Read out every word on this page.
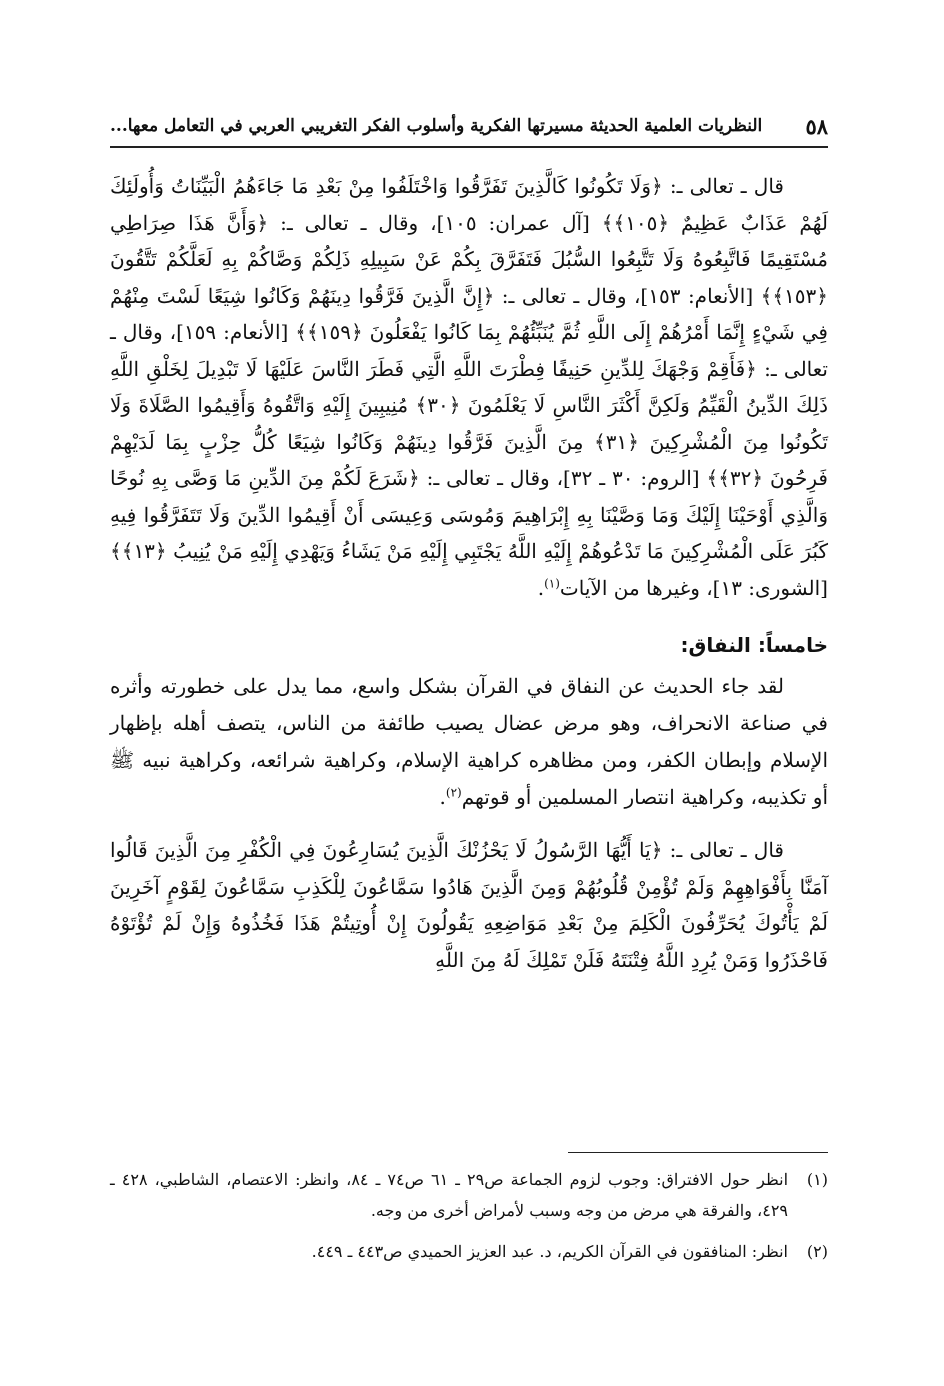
٥٨
النظريات العلمية الحديثة مسيرتها الفكرية وأسلوب الفكر التغريبي العربي في التعامل معها...

قال ـ تعالى ـ: ﴿وَلَا تَكُونُوا كَالَّذِينَ تَفَرَّقُوا وَاخْتَلَفُوا مِنْ بَعْدِ مَا جَاءَهُمُ الْبَيِّنَاتُ وَأُولَئِكَ لَهُمْ عَذَابٌ عَظِيمٌ ﴿١٠٥﴾﴾ [آل عمران: ١٠٥]، وقال ـ تعالى ـ: ﴿وَأَنَّ هَذَا صِرَاطِي مُسْتَقِيمًا فَاتَّبِعُوهُ وَلَا تَتَّبِعُوا السُّبُلَ فَتَفَرَّقَ بِكُمْ عَنْ سَبِيلِهِ ذَلِكُمْ وَصَّاكُمْ بِهِ لَعَلَّكُمْ تَتَّقُونَ ﴿١٥٣﴾﴾ [الأنعام: ١٥٣]، وقال ـ تعالى ـ: ﴿إِنَّ الَّذِينَ فَرَّقُوا دِينَهُمْ وَكَانُوا شِيَعًا لَسْتَ مِنْهُمْ فِي شَيْءٍ إِنَّمَا أَمْرُهُمْ إِلَى اللَّهِ ثُمَّ يُنَبِّئُهُمْ بِمَا كَانُوا يَفْعَلُونَ ﴿١٥٩﴾﴾ [الأنعام: ١٥٩]، وقال ـ تعالى ـ: ﴿فَأَقِمْ وَجْهَكَ لِلدِّينِ حَنِيفًا فِطْرَتَ اللَّهِ الَّتِي فَطَرَ النَّاسَ عَلَيْهَا لَا تَبْدِيلَ لِخَلْقِ اللَّهِ ذَلِكَ الدِّينُ الْقَيِّمُ وَلَكِنَّ أَكْثَرَ النَّاسِ لَا يَعْلَمُونَ ﴿٣٠﴾ مُنِيبِينَ إِلَيْهِ وَاتَّقُوهُ وَأَقِيمُوا الصَّلَاةَ وَلَا تَكُونُوا مِنَ الْمُشْرِكِينَ ﴿٣١﴾ مِنَ الَّذِينَ فَرَّقُوا دِينَهُمْ وَكَانُوا شِيَعًا كُلُّ حِزْبٍ بِمَا لَدَيْهِمْ فَرِحُونَ ﴿٣٢﴾﴾ [الروم: ٣٠ ـ ٣٢]، وقال ـ تعالى ـ: ﴿شَرَعَ لَكُمْ مِنَ الدِّينِ مَا وَصَّى بِهِ نُوحًا وَالَّذِي أَوْحَيْنَا إِلَيْكَ وَمَا وَصَّيْنَا بِهِ إِبْرَاهِيمَ وَمُوسَى وَعِيسَى أَنْ أَقِيمُوا الدِّينَ وَلَا تَتَفَرَّقُوا فِيهِ كَبُرَ عَلَى الْمُشْرِكِينَ مَا تَدْعُوهُمْ إِلَيْهِ اللَّهُ يَجْتَبِي إِلَيْهِ مَنْ يَشَاءُ وَيَهْدِي إِلَيْهِ مَنْ يُنِيبُ ﴿١٣﴾﴾ [الشورى: ١٣]، وغيرها من الآيات$^{(١)}$.

خامساً: النفاق:

لقد جاء الحديث عن النفاق في القرآن بشكل واسع، مما يدل على خطورته وأثره في صناعة الانحراف، وهو مرض عضال يصيب طائفة من الناس، يتصف أهله بإظهار الإسلام وإبطان الكفر، ومن مظاهره كراهية الإسلام، وكراهية شرائعه، وكراهية نبيه ﷺ أو تكذيبه، وكراهية انتصار المسلمين أو قوتهم$^{(٢)}$.

قال ـ تعالى ـ: ﴿يَا أَيُّهَا الرَّسُولُ لَا يَحْزُنْكَ الَّذِينَ يُسَارِعُونَ فِي الْكُفْرِ مِنَ الَّذِينَ قَالُوا آمَنَّا بِأَفْوَاهِهِمْ وَلَمْ تُؤْمِنْ قُلُوبُهُمْ وَمِنَ الَّذِينَ هَادُوا سَمَّاعُونَ لِلْكَذِبِ سَمَّاعُونَ لِقَوْمٍ آخَرِينَ لَمْ يَأْتُوكَ يُحَرِّفُونَ الْكَلِمَ مِنْ بَعْدِ مَوَاضِعِهِ يَقُولُونَ إِنْ أُوتِيتُمْ هَذَا فَخُذُوهُ وَإِنْ لَمْ تُؤْتَوْهُ فَاحْذَرُوا وَمَنْ يُرِدِ اللَّهُ فِتْنَتَهُ فَلَنْ تَمْلِكَ لَهُ مِنَ اللَّهِ

(١)
انظر حول الافتراق: وجوب لزوم الجماعة ص٢٩ ـ ٦١ ص٧٤ ـ ٨٤، وانظر: الاعتصام، الشاطبي، ٤٢٨ ـ ٤٢٩، والفرقة هي مرض من وجه وسبب لأمراض أخرى من وجه.
(٢)
انظر: المنافقون في القرآن الكريم، د. عبد العزيز الحميدي ص٤٤٣ ـ ٤٤٩.
